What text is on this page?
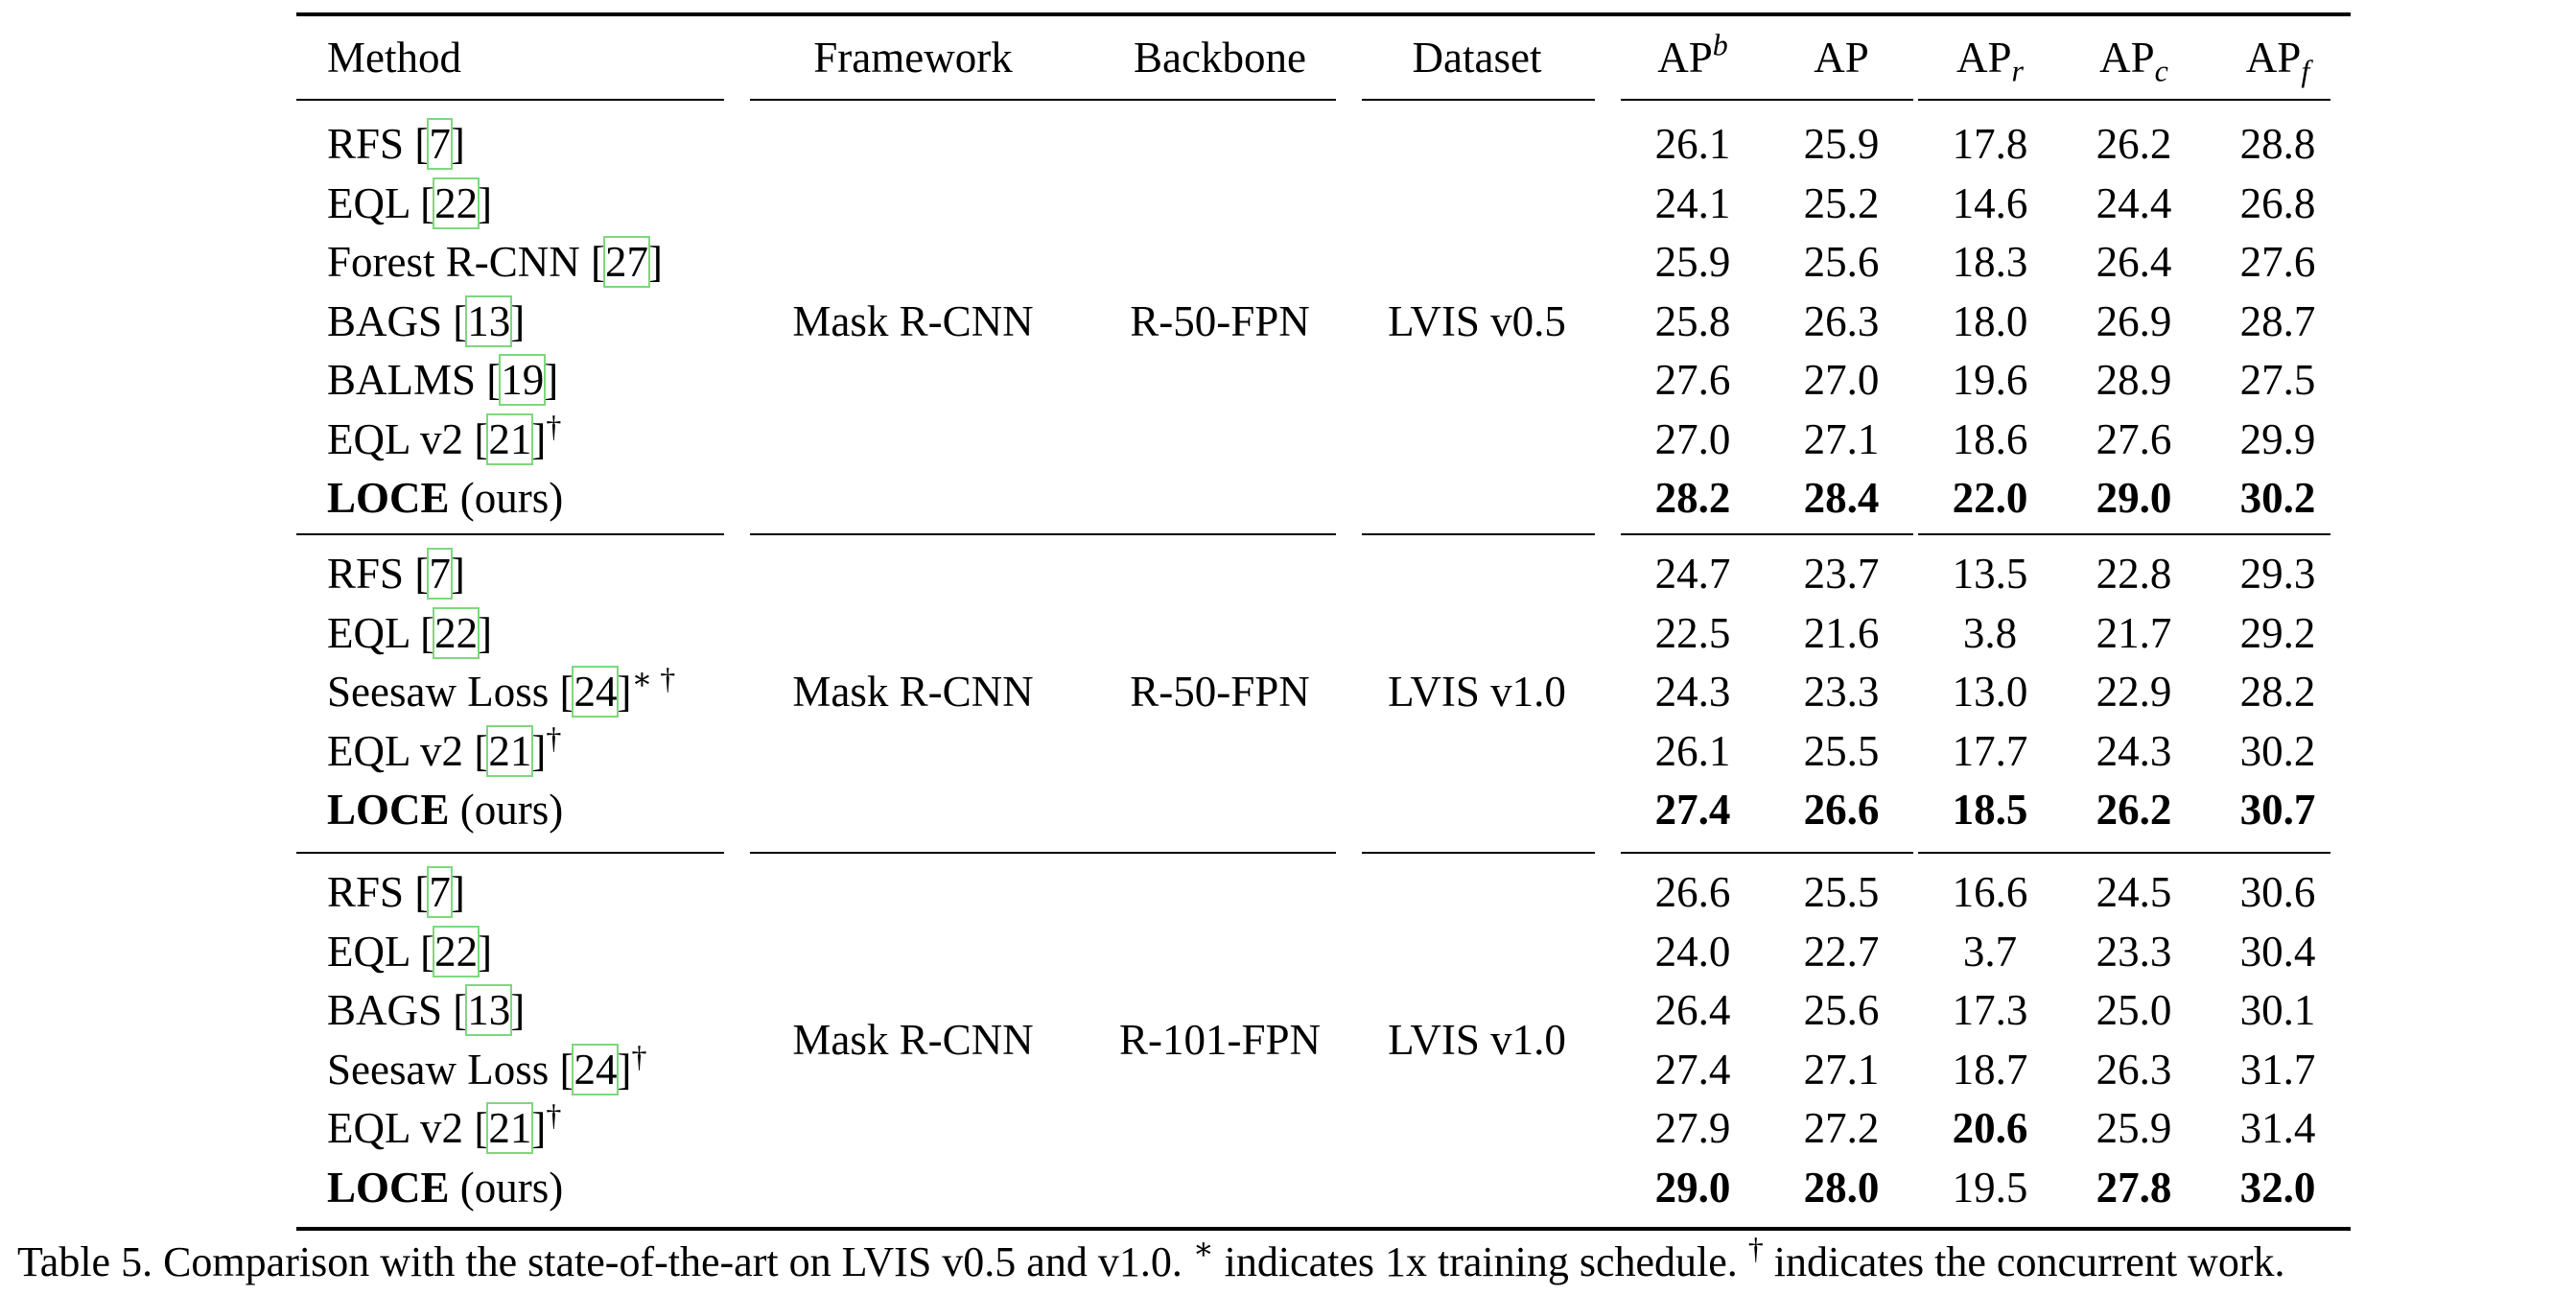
Method	Framework	Backbone	Dataset	$AP^b$	AP	$AP_r$	$AP_c$	$AP_f$
Mask R-CNN	R-50-FPN	LVIS v0.5
RFS [7]	26.1	25.9	17.8	26.2	28.8
EQL [22]	24.1	25.2	14.6	24.4	26.8
Forest R-CNN [27]	25.9	25.6	18.3	26.4	27.6
BAGS [13]	25.8	26.3	18.0	26.9	28.7
BALMS [19]	27.6	27.0	19.6	28.9	27.5
EQL v2 [21]†	27.0	27.1	18.6	27.6	29.9
LOCE (ours)	28.2	28.4	22.0	29.0	30.2
Mask R-CNN	R-50-FPN	LVIS v1.0
RFS [7]	24.7	23.7	13.5	22.8	29.3
EQL [22]	22.5	21.6	3.8	21.7	29.2
Seesaw Loss [24]∗ †	24.3	23.3	13.0	22.9	28.2
EQL v2 [21]†	26.1	25.5	17.7	24.3	30.2
LOCE (ours)	27.4	26.6	18.5	26.2	30.7
Mask R-CNN	R-101-FPN	LVIS v1.0
RFS [7]	26.6	25.5	16.6	24.5	30.6
EQL [22]	24.0	22.7	3.7	23.3	30.4
BAGS [13]	26.4	25.6	17.3	25.0	30.1
Seesaw Loss [24]†	27.4	27.1	18.7	26.3	31.7
EQL v2 [21]†	27.9	27.2	20.6	25.9	31.4
LOCE (ours)	29.0	28.0	19.5	27.8	32.0
Table 5. Comparison with the state-of-the-art on LVIS v0.5 and v1.0. ∗ indicates 1x training schedule. † indicates the concurrent work.
